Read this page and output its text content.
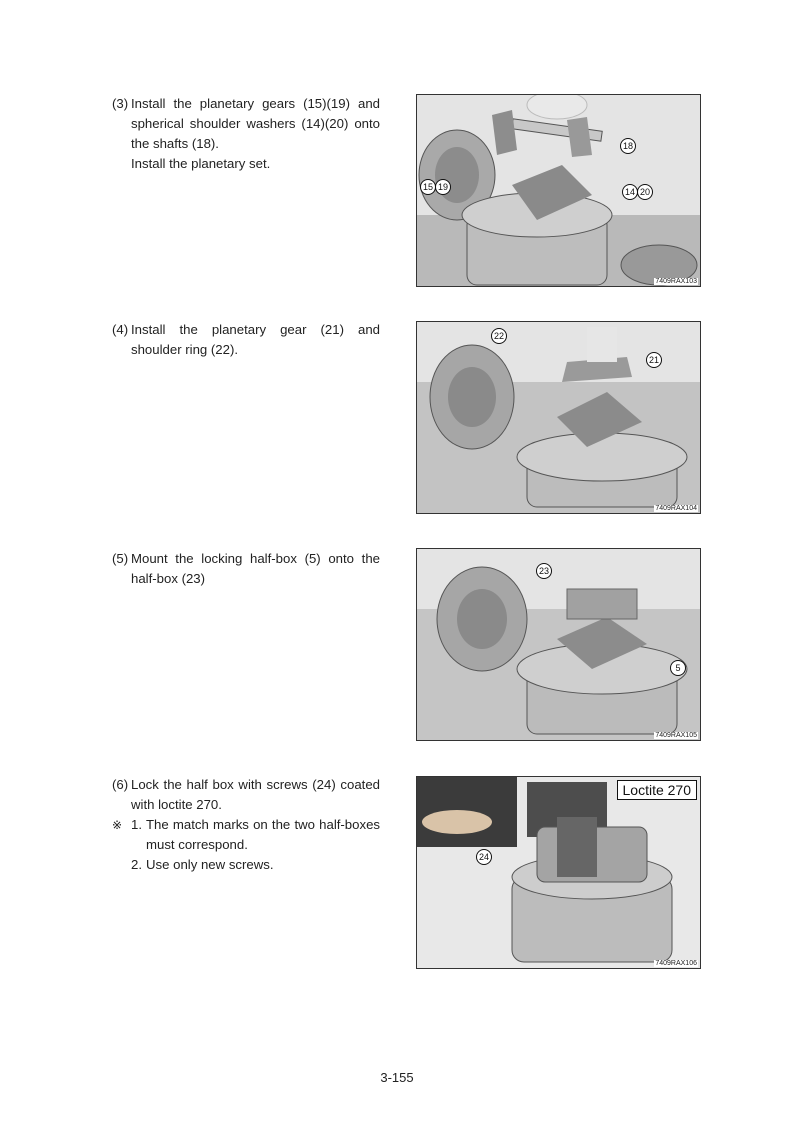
(3) Install the planetary gears (15)(19) and spherical shoulder washers (14)(20) onto the shafts (18).
Install the planetary set.
18
15 19	14 20
7409RAX103
(4) Install the planetary gear (21) and shoulder ring (22).
22
21
7409RAX104
(5) Mount the locking half-box (5) onto the half-box (23)	23
5
7409RAX105
(6) Lock the half box with screws (24) coated with loctite 270.
※ 1. The match marks on the two half-boxes must correspond.
2. Use only new screws.
Loctite 270
24
7409RAX106
3-155
